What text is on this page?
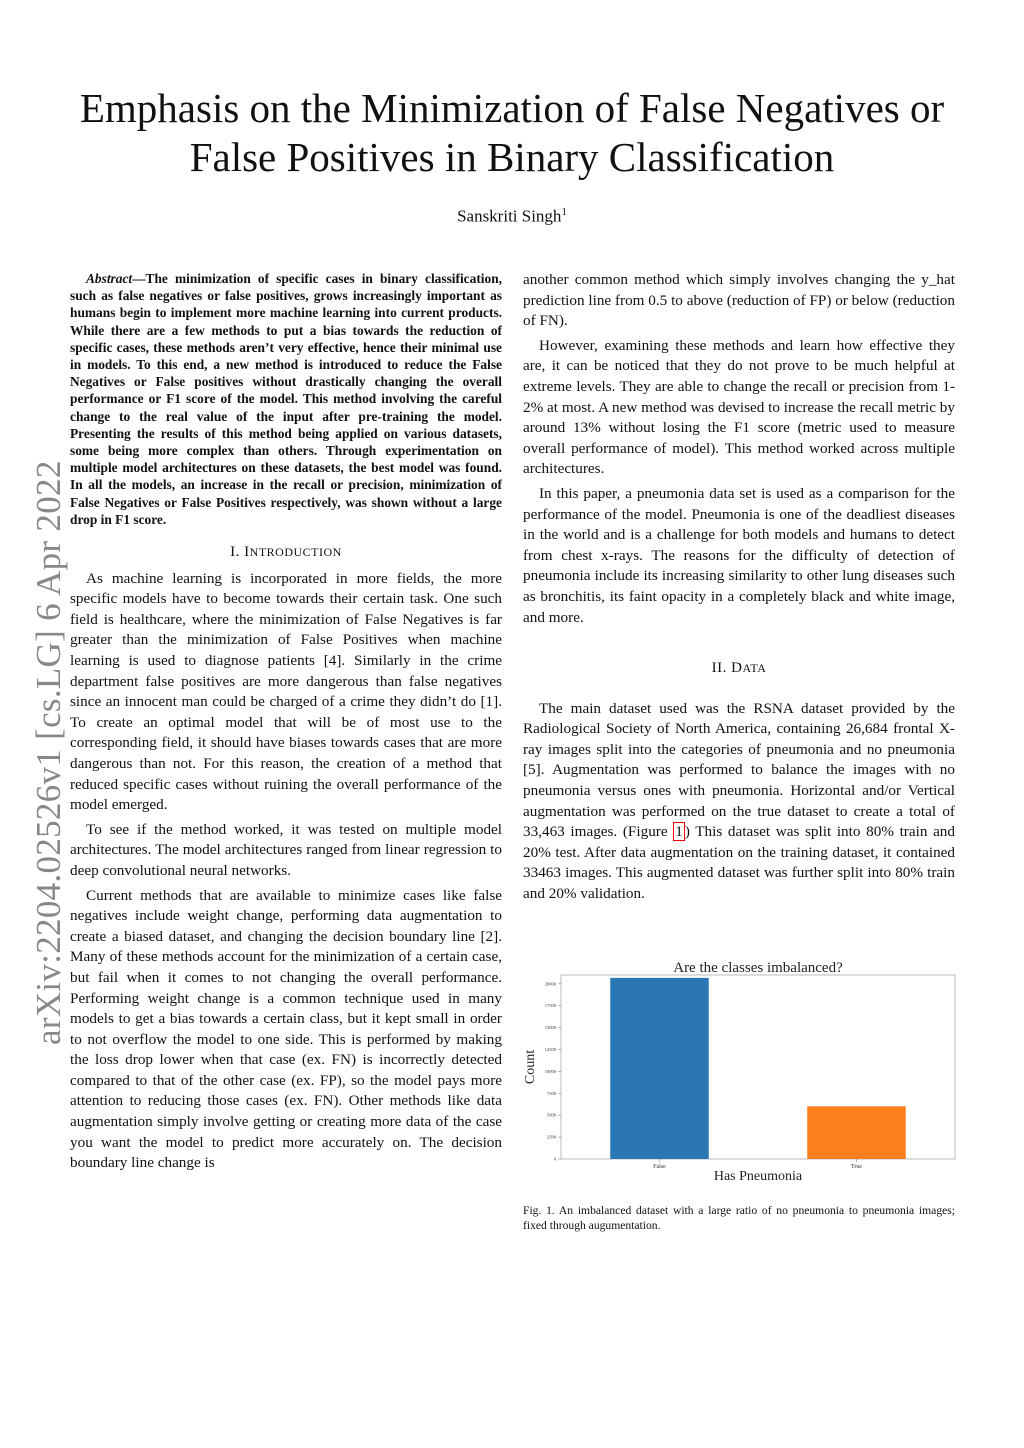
Emphasis on the Minimization of False Negatives or False Positives in Binary Classification
Sanskriti Singh$^1$
arXiv:2204.02526v1 [cs.LG] 6 Apr 2022
Abstract—The minimization of specific cases in binary classification, such as false negatives or false positives, grows increasingly important as humans begin to implement more machine learning into current products. While there are a few methods to put a bias towards the reduction of specific cases, these methods aren’t very effective, hence their minimal use in models. To this end, a new method is introduced to reduce the False Negatives or False positives without drastically changing the overall performance or F1 score of the model. This method involving the careful change to the real value of the input after pre-training the model. Presenting the results of this method being applied on various datasets, some being more complex than others. Through experimentation on multiple model architectures on these datasets, the best model was found. In all the models, an increase in the recall or precision, minimization of False Negatives or False Positives respectively, was shown without a large drop in F1 score.
I. INTRODUCTION

As machine learning is incorporated in more fields, the more specific models have to become towards their certain task. One such field is healthcare, where the minimization of False Negatives is far greater than the minimization of False Positives when machine learning is used to diagnose patients [4]. Similarly in the crime department false positives are more dangerous than false negatives since an innocent man could be charged of a crime they didn’t do [1]. To create an optimal model that will be of most use to the corresponding field, it should have biases towards cases that are more dangerous than not. For this reason, the creation of a method that reduced specific cases without ruining the overall performance of the model emerged.

To see if the method worked, it was tested on multiple model architectures. The model architectures ranged from linear regression to deep convolutional neural networks.

Current methods that are available to minimize cases like false negatives include weight change, performing data augmentation to create a biased dataset, and changing the decision boundary line [2]. Many of these methods account for the minimization of a certain case, but fail when it comes to not changing the overall performance. Performing weight change is a common technique used in many models to get a bias towards a certain class, but it kept small in order to not overflow the model to one side. This is performed by making the loss drop lower when that case (ex. FN) is incorrectly detected compared to that of the other case (ex. FP), so the model pays more attention to reducing those cases (ex. FN). Other methods like data augmentation simply involve getting or creating more data of the case you want the model to predict more accurately on. The decision boundary line change is

another common method which simply involves changing the y_hat prediction line from 0.5 to above (reduction of FP) or below (reduction of FN).

However, examining these methods and learn how effective they are, it can be noticed that they do not prove to be much helpful at extreme levels. They are able to change the recall or precision from 1-2% at most. A new method was devised to increase the recall metric by around 13% without losing the F1 score (metric used to measure overall performance of model). This method worked across multiple architectures.

In this paper, a pneumonia data set is used as a comparison for the performance of the model. Pneumonia is one of the deadliest diseases in the world and is a challenge for both models and humans to detect from chest x-rays. The reasons for the difficulty of detection of pneumonia include its increasing similarity to other lung diseases such as bronchitis, its faint opacity in a completely black and white image, and more.

II. DATA

The main dataset used was the RSNA dataset provided by the Radiological Society of North America, containing 26,684 frontal X-ray images split into the categories of pneumonia and no pneumonia [5]. Augmentation was performed to balance the images with no pneumonia versus ones with pneumonia. Horizontal and/or Vertical augmentation was performed on the true dataset to create a total of 33,463 images. (Figure 1 ) This dataset was split into 80% train and 20% test. After data augmentation on the training dataset, it contained 33463 images. This augmented dataset was further split into 80% train and 20% validation.

Are the classes imbalanced?
0
2500
5000
7500
10000
12500
15000
17500
20000
False	True
Has Pneumonia
Count
Fig. 1. An imbalanced dataset with a large ratio of no pneumonia to pneumonia images; fixed through augumentation.
